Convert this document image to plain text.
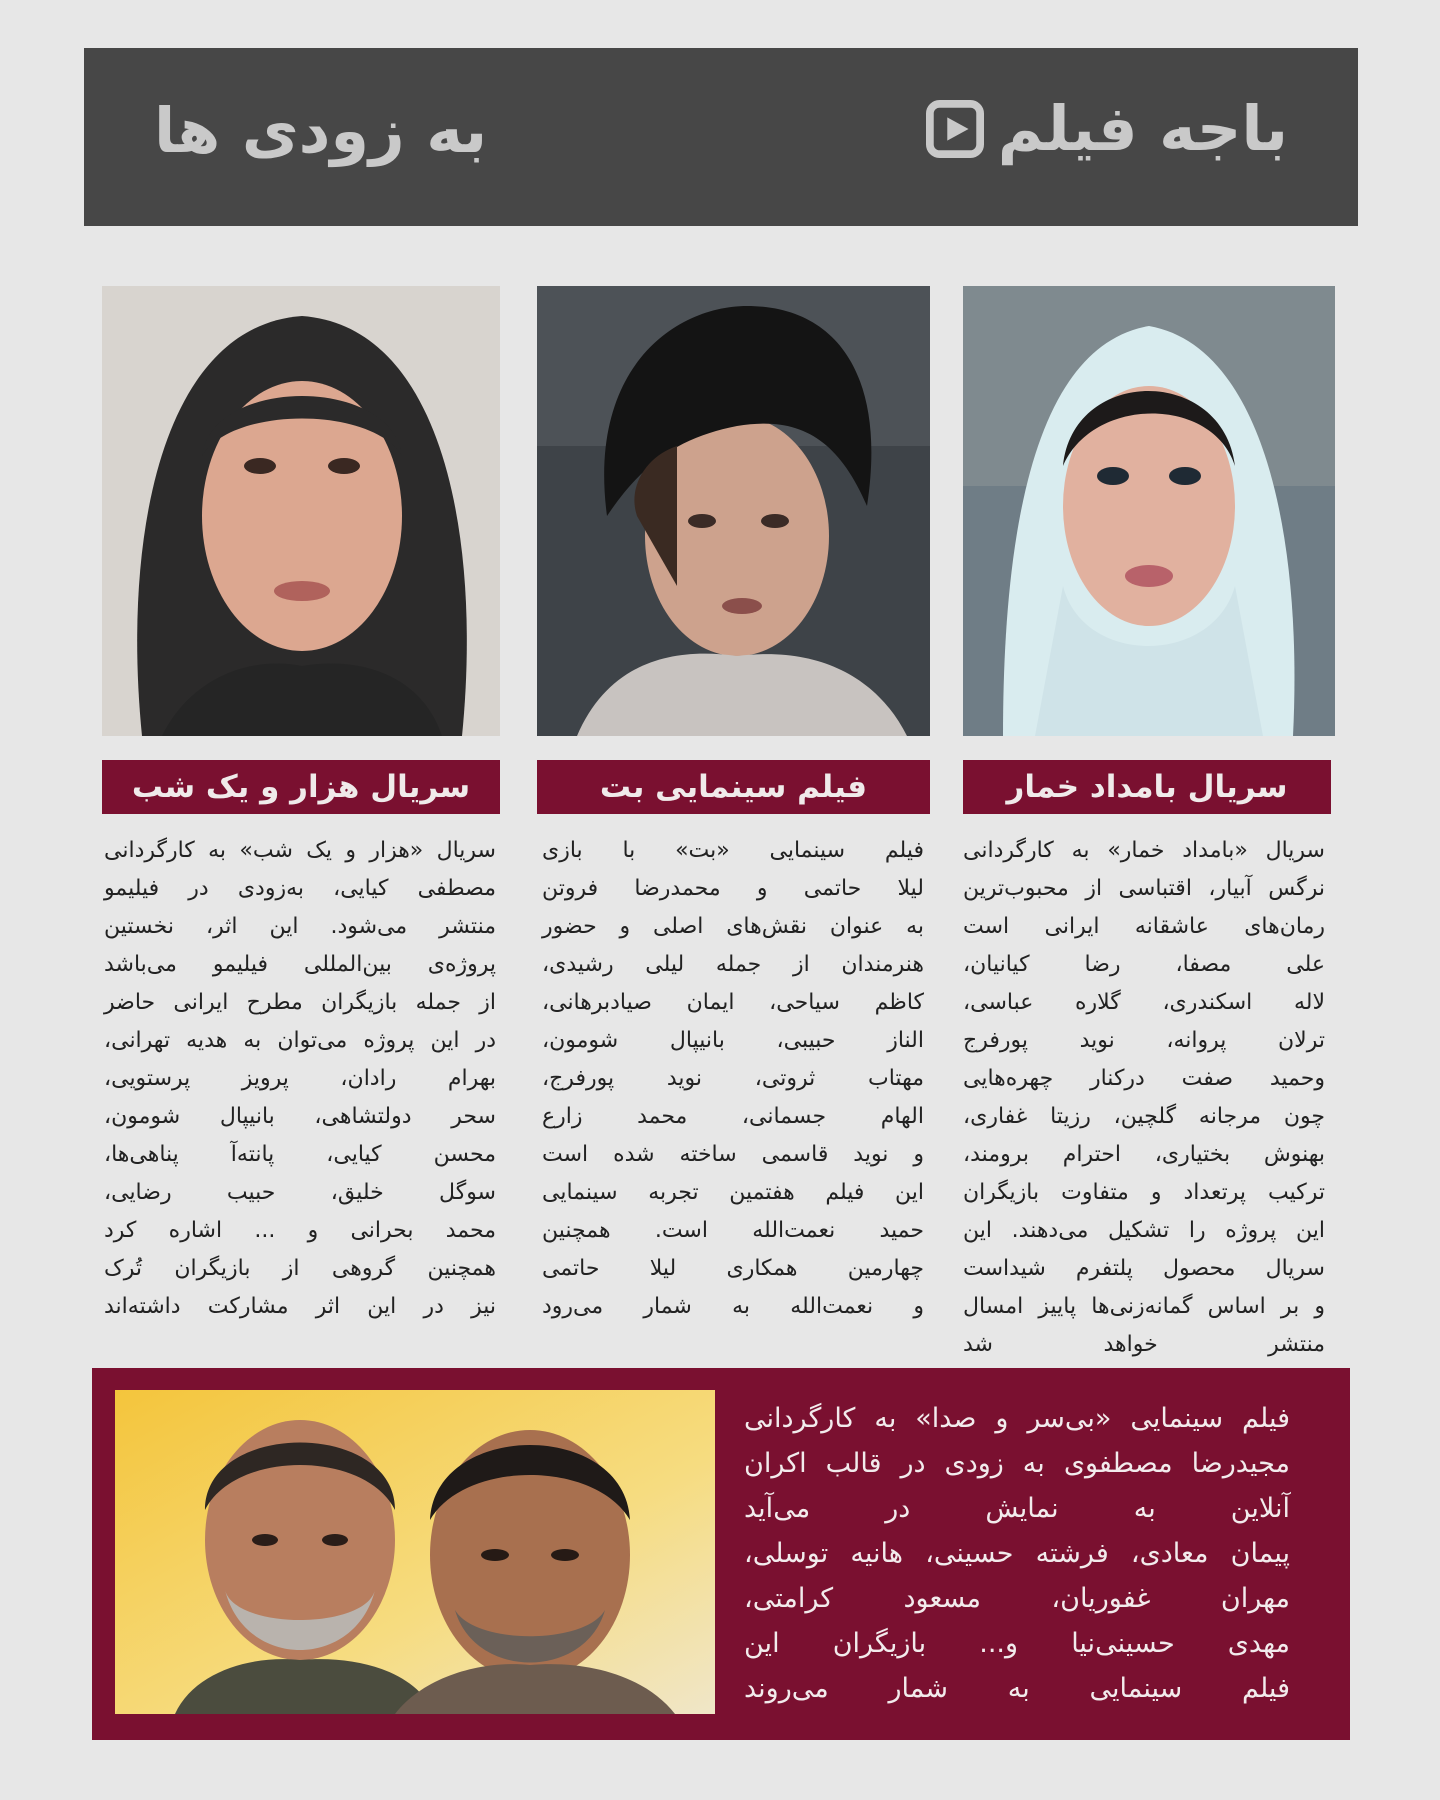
باجه فیلم
به زودی ها
سریال بامداد خمار
فیلم سینمایی بت
سریال هزار و یک شب
سریال «بامداد خمار» به کارگردانی
نرگس آبیار، اقتباسی از محبوب‌ترین
رمان‌های عاشقانه ایرانی است
علی مصفا، رضا کیانیان،
لاله اسکندری، گلاره عباسی،
ترلان پروانه، نوید پورفرج
وحمید صفت درکنار چهره‌هایی
چون مرجانه گلچین، رزیتا غفاری،
بهنوش بختیاری، احترام برومند،
ترکیب پرتعداد و متفاوت بازیگران
این پروژه را تشکیل می‌دهند. این
سریال محصول پلتفرم شیداست
و بر اساس گمانه‌زنی‌ها پاییز امسال
منتشر خواهد شد
فیلم سینمایی «بت» با بازی
لیلا حاتمی و محمدرضا فروتن
به عنوان نقش‌های اصلی و حضور
هنرمندان از جمله لیلی رشیدی،
کاظم سیاحی، ایمان صیادبرهانی،
الناز حبیبی، بانیپال شومون،
مهتاب ثروتی، نوید پورفرج،
الهام جسمانی، محمد زارع
و نوید قاسمی ساخته شده است
این فیلم هفتمین تجربه سینمایی
حمید نعمت‌الله است. همچنین
چهارمین همکاری لیلا حاتمی
و نعمت‌الله به شمار می‌رود
سریال «هزار و یک شب» به کارگردانی
مصطفی کیایی، به‌زودی در فیلیمو
منتشر می‌شود. این اثر، نخستین
پروژه‌ی بین‌المللی فیلیمو می‌باشد
از جمله بازیگران مطرح ایرانی حاضر
در این پروژه می‌توان به هدیه تهرانی،
بهرام رادان، پرویز پرستویی،
سحر دولتشاهی، بانیپال شومون،
محسن کیایی، پانته‌آ پناهی‌ها،
سوگل خلیق، حبیب رضایی،
محمد بحرانی و ... اشاره کرد
همچنین گروهی از بازیگران تُرک
نیز در این اثر مشارکت داشته‌اند
فیلم سینمایی «بی‌سر و صدا» به کارگردانی
مجیدرضا مصطفوی به زودی در قالب اکران
آنلاین به نمایش در می‌آید
پیمان معادی، فرشته حسینی، هانیه توسلی،
مهران غفوریان، مسعود کرامتی،
مهدی حسینی‌نیا و... بازیگران این
فیلم سینمایی به شمار می‌روند
